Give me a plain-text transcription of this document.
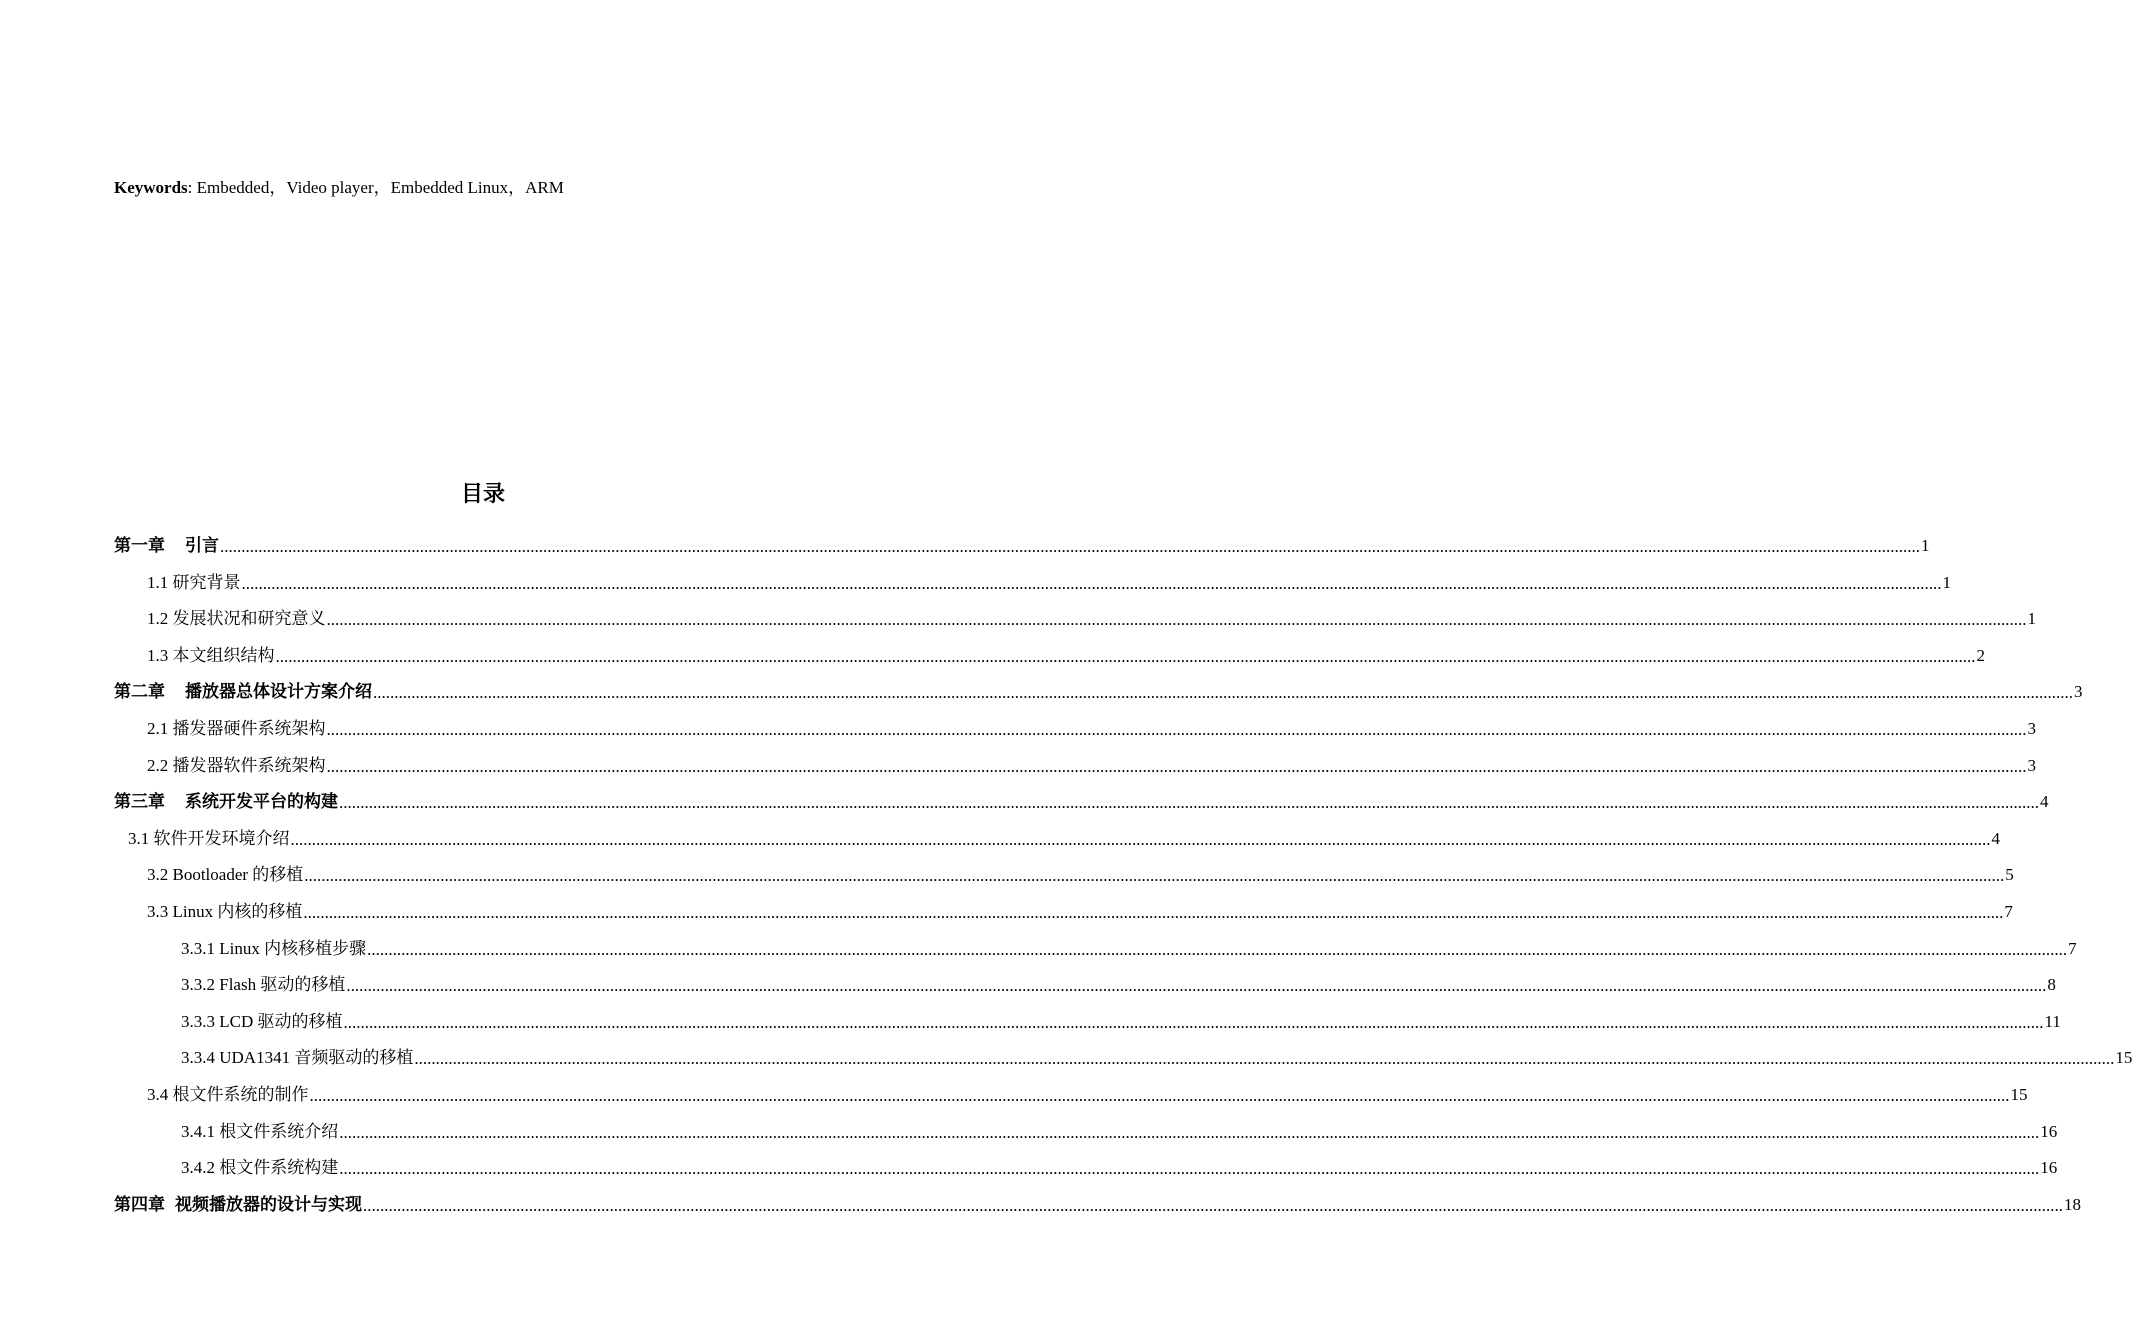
Keywords: Embedded，Video player，Embedded Linux，ARM
目录
第一章 引言 ................................................................................................................................................................................................................................................................................................................................................................................................................ 1
1.1 研究背景 ................................................................................................................................................................................................................................................................................................................................................................................................................ 1
1.2 发展状况和研究意义 ................................................................................................................................................................................................................................................................................................................................................................................................................ 1
1.3 本文组织结构 ................................................................................................................................................................................................................................................................................................................................................................................................................ 2
第二章 播放器总体设计方案介绍 ................................................................................................................................................................................................................................................................................................................................................................................................................ 3
2.1 播发器硬件系统架构 ................................................................................................................................................................................................................................................................................................................................................................................................................ 3
2.2 播发器软件系统架构 ................................................................................................................................................................................................................................................................................................................................................................................................................ 3
第三章 系统开发平台的构建 ................................................................................................................................................................................................................................................................................................................................................................................................................ 4
3.1 软件开发环境介绍 ................................................................................................................................................................................................................................................................................................................................................................................................................ 4
3.2 Bootloader 的移植 ................................................................................................................................................................................................................................................................................................................................................................................................................ 5
3.3 Linux 内核的移植 ................................................................................................................................................................................................................................................................................................................................................................................................................ 7
3.3.1 Linux 内核移植步骤 ................................................................................................................................................................................................................................................................................................................................................................................................................ 7
3.3.2 Flash 驱动的移植 ................................................................................................................................................................................................................................................................................................................................................................................................................ 8
3.3.3 LCD 驱动的移植 ................................................................................................................................................................................................................................................................................................................................................................................................................ 11
3.3.4 UDA1341 音频驱动的移植 ................................................................................................................................................................................................................................................................................................................................................................................................................ 15
3.4 根文件系统的制作 ................................................................................................................................................................................................................................................................................................................................................................................................................ 15
3.4.1 根文件系统介绍 ................................................................................................................................................................................................................................................................................................................................................................................................................ 16
3.4.2 根文件系统构建 ................................................................................................................................................................................................................................................................................................................................................................................................................ 16
第四章 视频播放器的设计与实现 ................................................................................................................................................................................................................................................................................................................................................................................................................ 18
